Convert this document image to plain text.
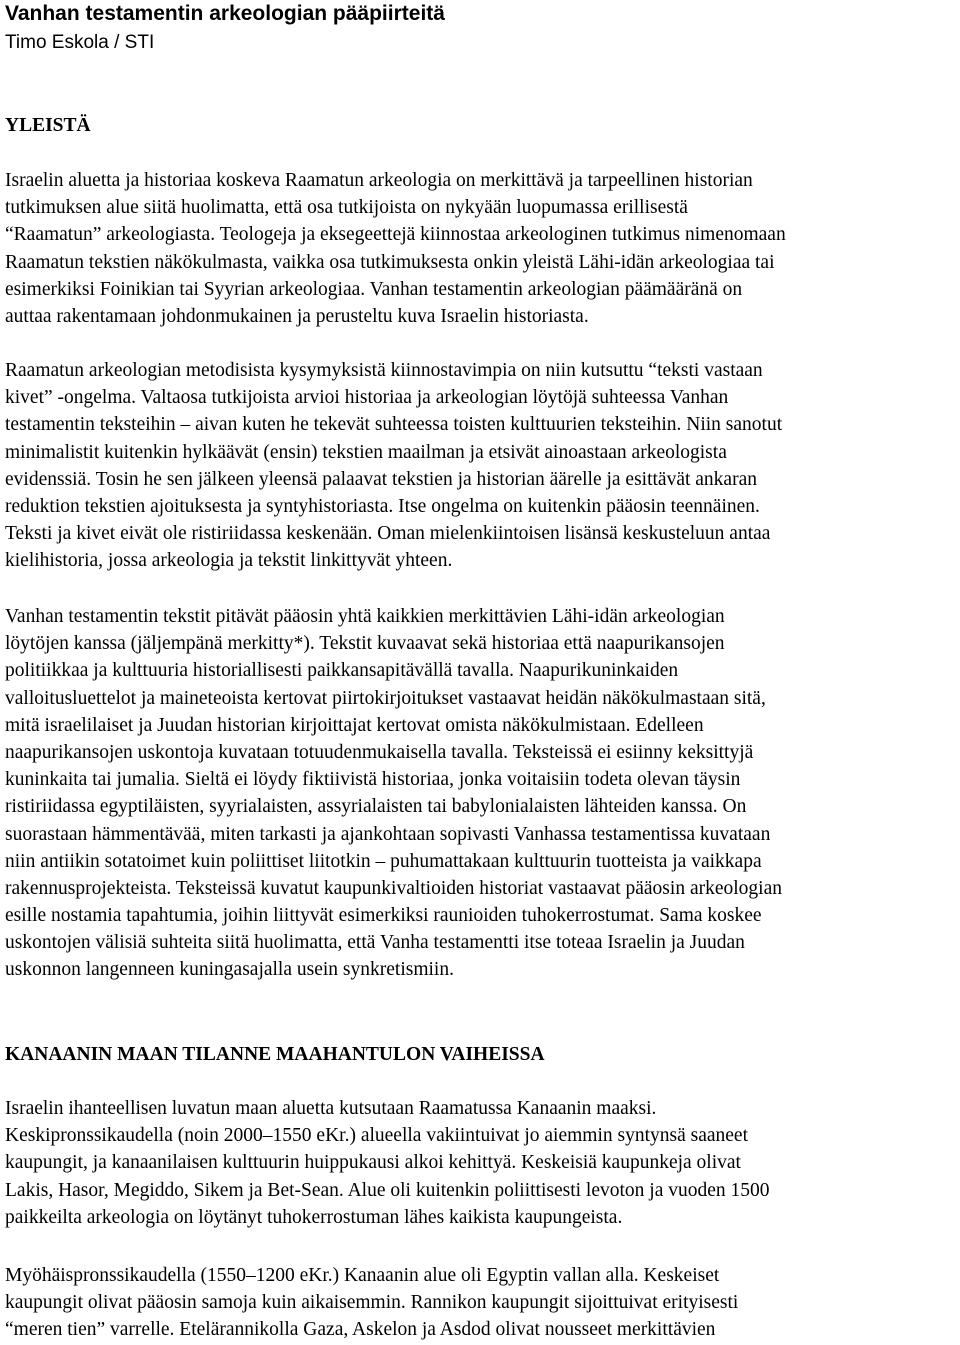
Vanhan testamentin arkeologian pääpiirteitä
Timo Eskola / STI
YLEISTÄ
Israelin aluetta ja historiaa koskeva Raamatun arkeologia on merkittävä ja tarpeellinen historian
tutkimuksen alue siitä huolimatta, että osa tutkijoista on nykyään luopumassa erillisestä
“Raamatun” arkeologiasta. Teologeja ja eksegeettejä kiinnostaa arkeologinen tutkimus nimenomaan
Raamatun tekstien näkökulmasta, vaikka osa tutkimuksesta onkin yleistä Lähi-idän arkeologiaa tai
esimerkiksi Foinikian tai Syyrian arkeologiaa. Vanhan testamentin arkeologian päämääränä on
auttaa rakentamaan johdonmukainen ja perusteltu kuva Israelin historiasta.
Raamatun arkeologian metodisista kysymyksistä kiinnostavimpia on niin kutsuttu “teksti vastaan
kivet” -ongelma. Valtaosa tutkijoista arvioi historiaa ja arkeologian löytöjä suhteessa Vanhan
testamentin teksteihin – aivan kuten he tekevät suhteessa toisten kulttuurien teksteihin. Niin sanotut
minimalistit kuitenkin hylkäävät (ensin) tekstien maailman ja etsivät ainoastaan arkeologista
evidenssiä. Tosin he sen jälkeen yleensä palaavat tekstien ja historian äärelle ja esittävät ankaran
reduktion tekstien ajoituksesta ja syntyhistoriasta. Itse ongelma on kuitenkin pääosin teennäinen.
Teksti ja kivet eivät ole ristiriidassa keskenään. Oman mielenkiintoisen lisänsä keskusteluun antaa
kielihistoria, jossa arkeologia ja tekstit linkittyvät yhteen.
Vanhan testamentin tekstit pitävät pääosin yhtä kaikkien merkittävien Lähi-idän arkeologian
löytöjen kanssa (jäljempänä merkitty*). Tekstit kuvaavat sekä historiaa että naapurikansojen
politiikkaa ja kulttuuria historiallisesti paikkansapitävällä tavalla. Naapurikuninkaiden
valloitusluettelot ja maineteoista kertovat piirtokirjoitukset vastaavat heidän näkökulmastaan sitä,
mitä israelilaiset ja Juudan historian kirjoittajat kertovat omista näkökulmistaan. Edelleen
naapurikansojen uskontoja kuvataan totuudenmukaisella tavalla. Teksteissä ei esiinny keksittyjä
kuninkaita tai jumalia. Sieltä ei löydy fiktiivistä historiaa, jonka voitaisiin todeta olevan täysin
ristiriidassa egyptiläisten, syyrialaisten, assyrialaisten tai babylonialaisten lähteiden kanssa. On
suorastaan hämmentävää, miten tarkasti ja ajankohtaan sopivasti Vanhassa testamentissa kuvataan
niin antiikin sotatoimet kuin poliittiset liitotkin – puhumattakaan kulttuurin tuotteista ja vaikkapa
rakennusprojekteista. Teksteissä kuvatut kaupunkivaltioiden historiat vastaavat pääosin arkeologian
esille nostamia tapahtumia, joihin liittyvät esimerkiksi raunioiden tuhokerrostumat. Sama koskee
uskontojen välisiä suhteita siitä huolimatta, että Vanha testamentti itse toteaa Israelin ja Juudan
uskonnon langenneen kuningasajalla usein synkretismiin.
KANAANIN MAAN TILANNE MAAHANTULON VAIHEISSA
Israelin ihanteellisen luvatun maan aluetta kutsutaan Raamatussa Kanaanin maaksi.
Keskipronssikaudella (noin 2000–1550 eKr.) alueella vakiintuivat jo aiemmin syntynsä saaneet
kaupungit, ja kanaanilaisen kulttuurin huippukausi alkoi kehittyä. Keskeisiä kaupunkeja olivat
Lakis, Hasor, Megiddo, Sikem ja Bet-Sean. Alue oli kuitenkin poliittisesti levoton ja vuoden 1500
paikkeilta arkeologia on löytänyt tuhokerrostuman lähes kaikista kaupungeista.
Myöhäispronssikaudella (1550–1200 eKr.) Kanaanin alue oli Egyptin vallan alla. Keskeiset
kaupungit olivat pääosin samoja kuin aikaisemmin. Rannikon kaupungit sijoittuivat erityisesti
“meren tien” varrelle. Etelärannikolla Gaza, Askelon ja Asdod olivat nousseet merkittävien
